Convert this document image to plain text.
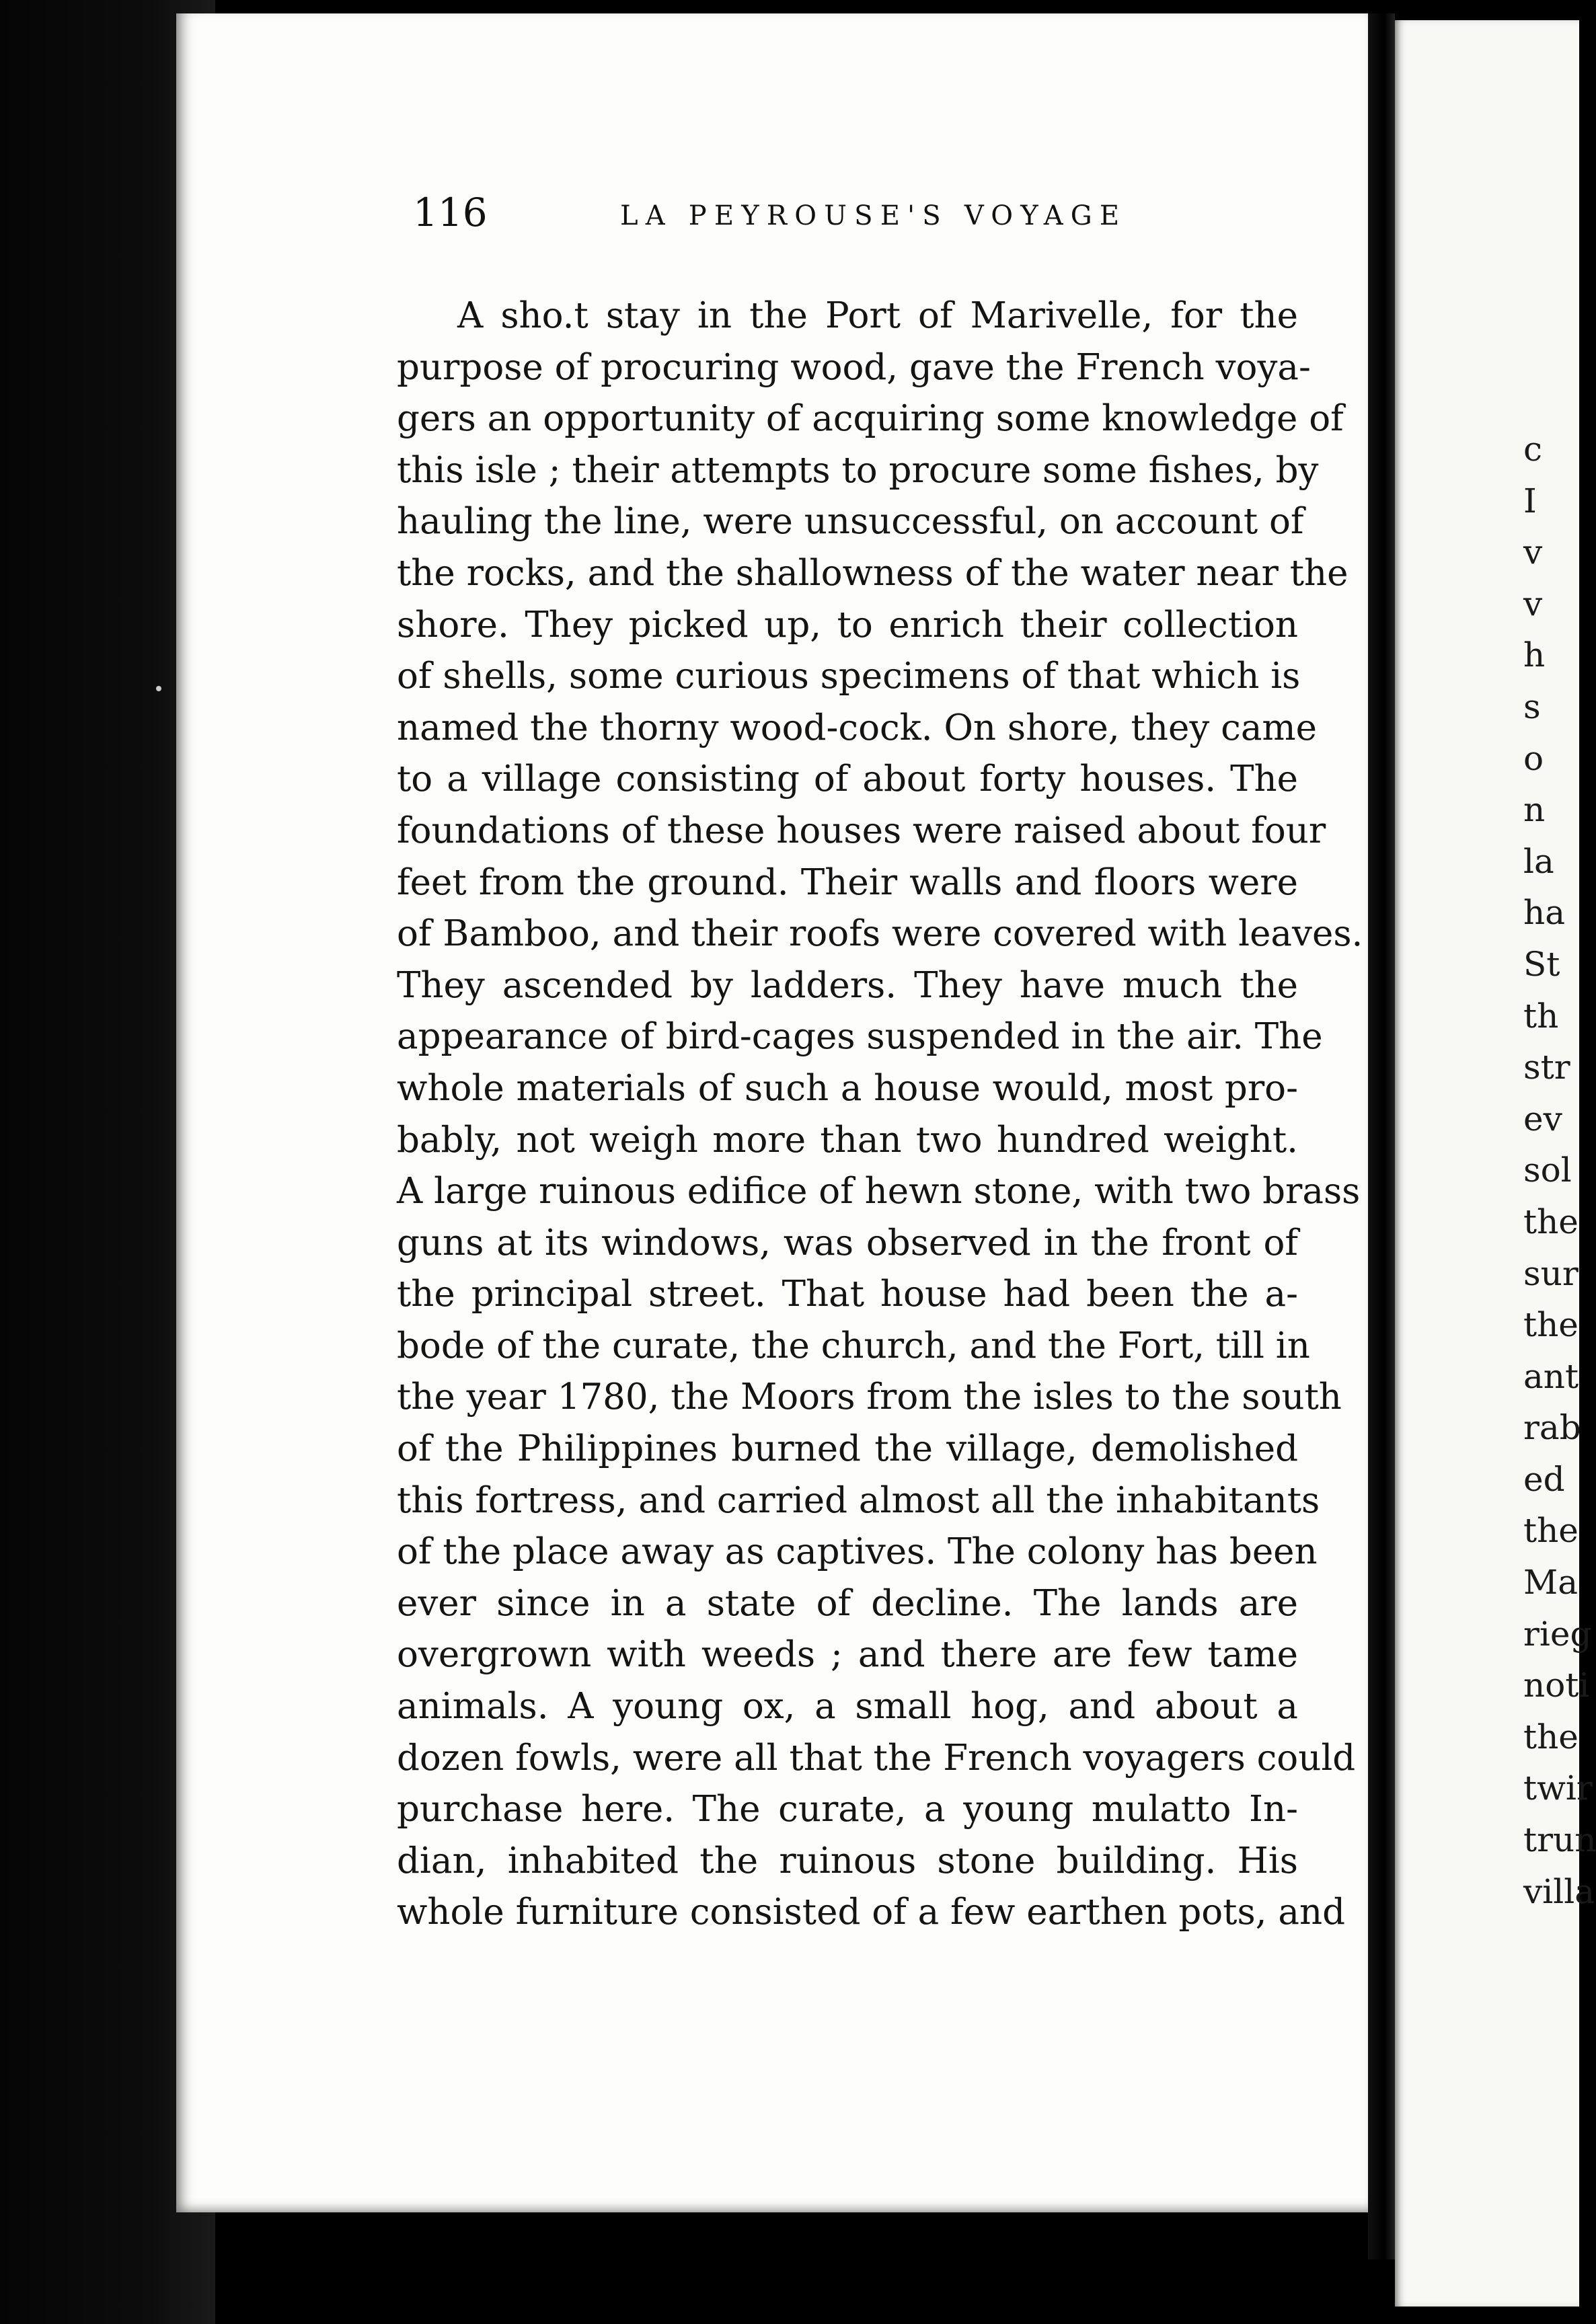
116	LA PEYROUSE'S VOYAGE
A sho.t stay in the Port of Marivelle, for the
purpose of procuring wood, gave the French voya-
gers an opportunity of acquiring some knowledge of
this isle ; their attempts to procure some fishes, by
hauling the line, were unsuccessful, on account of
the rocks, and the shallowness of the water near the
shore. They picked up, to enrich their collection
of shells, some curious specimens of that which is
named the thorny wood-cock. On shore, they came
to a village consisting of about forty houses. The
foundations of these houses were raised about four
feet from the ground. Their walls and floors were
of Bamboo, and their roofs were covered with leaves.
They ascended by ladders. They have much the
appearance of bird-cages suspended in the air. The
whole materials of such a house would, most pro-
bably, not weigh more than two hundred weight.
A large ruinous edifice of hewn stone, with two brass
guns at its windows, was observed in the front of
the principal street. That house had been the a-
bode of the curate, the church, and the Fort, till in
the year 1780, the Moors from the isles to the south
of the Philippines burned the village, demolished
this fortress, and carried almost all the inhabitants
of the place away as captives. The colony has been
ever since in a state of decline. The lands are
overgrown with weeds ; and there are few tame
animals. A young ox, a small hog, and about a
dozen fowls, were all that the French voyagers could
purchase here. The curate, a young mulatto In-
dian, inhabited the ruinous stone building. His
whole furniture consisted of a few earthen pots, and
c
I
v
v
h
s
o
n
la
ha
St
th
str
ev
sol
the
sur
the
ant
rab
ed
the
Ma
rieg
noti
the
twir
trun
villa
